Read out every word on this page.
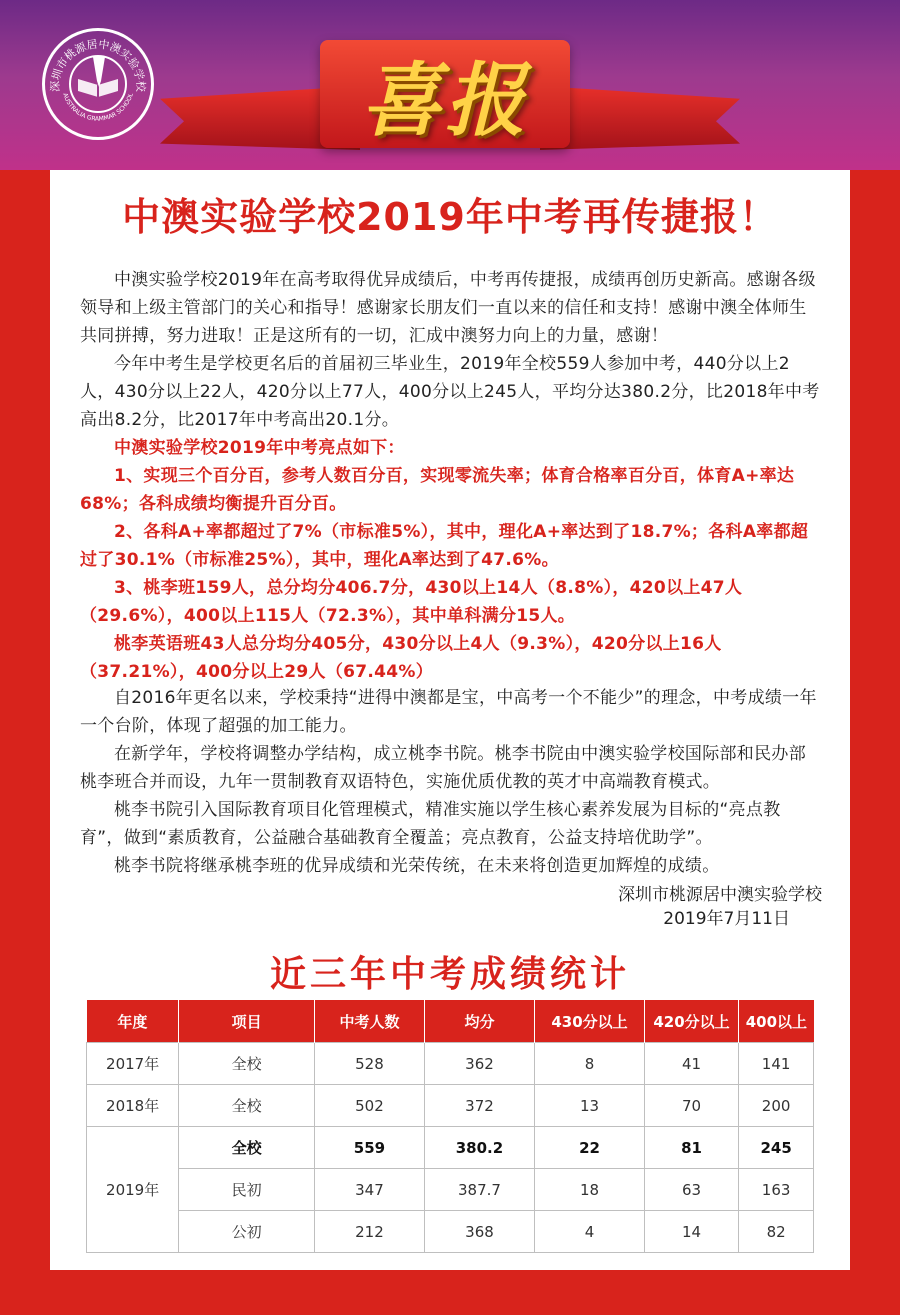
喜报
深圳市桃源居中澳实验学校
AUSTRALIA GRAMMAR SCHOOL
中澳实验学校2019年中考再传捷报！

中澳实验学校2019年在高考取得优异成绩后，中考再传捷报，成绩再创历史新高。感谢各级领导和上级主管部门的关心和指导！感谢家长朋友们一直以来的信任和支持！感谢中澳全体师生共同拼搏，努力进取！正是这所有的一切，汇成中澳努力向上的力量，感谢！

今年中考生是学校更名后的首届初三毕业生，2019年全校559人参加中考，440分以上2人，430分以上22人，420分以上77人，400分以上245人，平均分达380.2分，比2018年中考高出8.2分，比2017年中考高出20.1分。

中澳实验学校2019年中考亮点如下：

1、实现三个百分百，参考人数百分百，实现零流失率；体育合格率百分百，体育A+率达68%；各科成绩均衡提升百分百。

2、各科A+率都超过了7%（市标准5%），其中，理化A+率达到了18.7%；各科A率都超过了30.1%（市标准25%），其中，理化A率达到了47.6%。

3、桃李班159人，总分均分406.7分，430以上14人（8.8%），420以上47人（29.6%），400以上115人（72.3%），其中单科满分15人。

桃李英语班43人总分均分405分，430分以上4人（9.3%），420分以上16人（37.21%），400分以上29人（67.44%）

自2016年更名以来，学校秉持“进得中澳都是宝，中高考一个不能少”的理念，中考成绩一年一个台阶，体现了超强的加工能力。

在新学年，学校将调整办学结构，成立桃李书院。桃李书院由中澳实验学校国际部和民办部桃李班合并而设，九年一贯制教育双语特色，实施优质优教的英才中高端教育模式。

桃李书院引入国际教育项目化管理模式，精准实施以学生核心素养发展为目标的“亮点教育”，做到“素质教育，公益融合基础教育全覆盖；亮点教育，公益支持培优助学”。

桃李书院将继承桃李班的优异成绩和光荣传统，在未来将创造更加辉煌的成绩。

深圳市桃源居中澳实验学校
2019年7月11日
近三年中考成绩统计
年度	项目	中考人数	均分	430分以上	420分以上	400以上
2017年	全校	528	362	8	41	141
2018年	全校	502	372	13	70	200
2019年	全校	559	380.2	22	81	245
	民初	347	387.7	18	63	163
	公初	212	368	4	14	82
